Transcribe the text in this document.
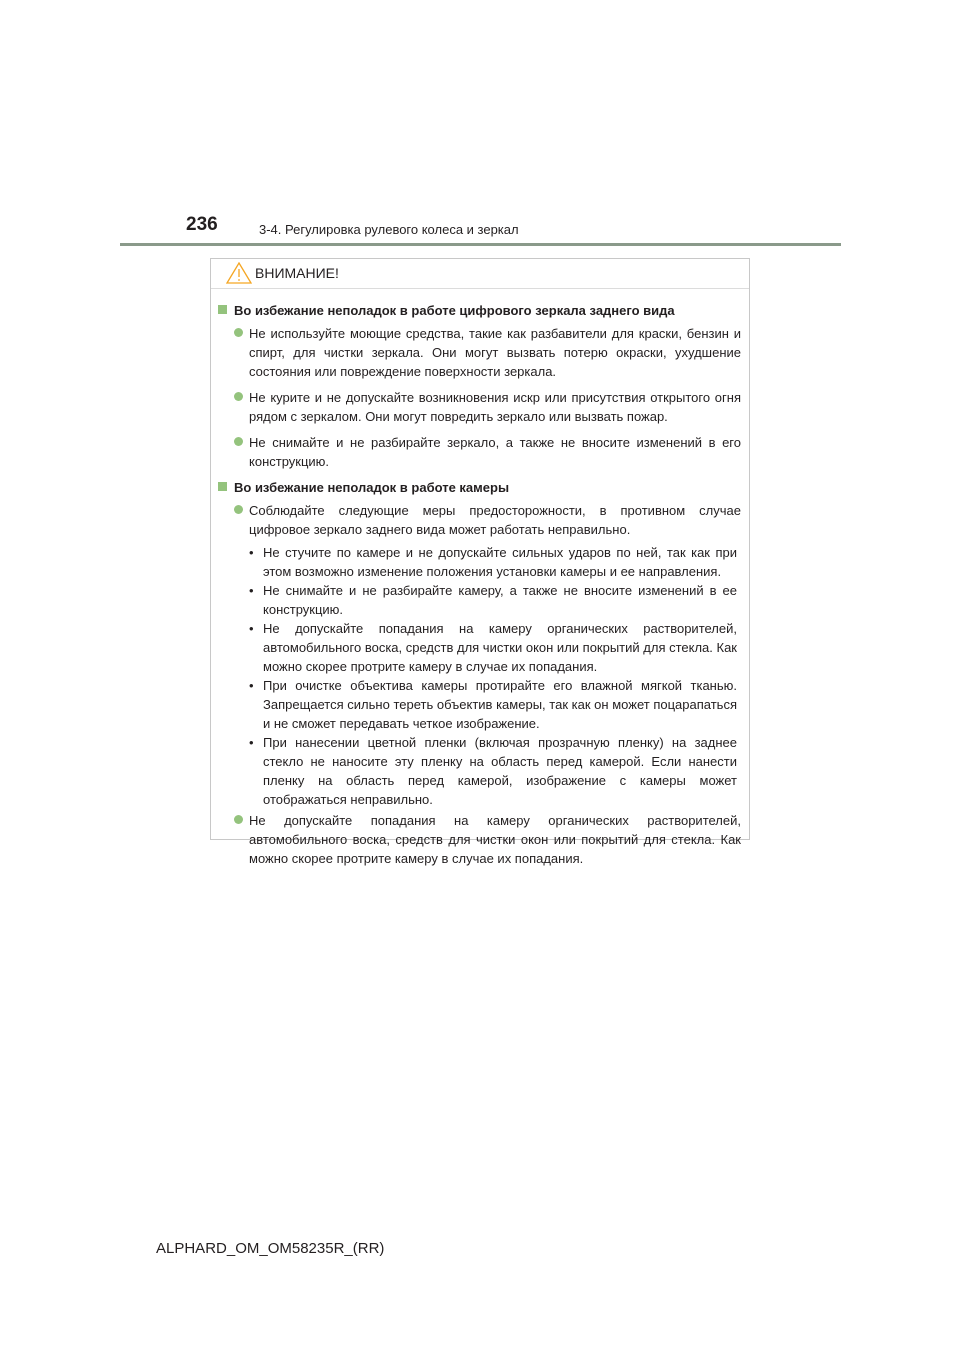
236	3-4. Регулировка рулевого колеса и зеркал
ВНИМАНИЕ!
Во избежание неполадок в работе цифрового зеркала заднего вида
Не используйте моющие средства, такие как разбавители для краски, бензин и спирт, для чистки зеркала. Они могут вызвать потерю окраски, ухудшение состояния или повреждение поверхности зеркала.
Не курите и не допускайте возникновения искр или присутствия открытого огня рядом с зеркалом. Они могут повредить зеркало или вызвать пожар.
Не снимайте и не разбирайте зеркало, а также не вносите изменений в его конструкцию.
Во избежание неполадок в работе камеры
Соблюдайте следующие меры предосторожности, в противном случае цифровое зеркало заднего вида может работать неправильно.
• Не стучите по камере и не допускайте сильных ударов по ней, так как при этом возможно изменение положения установки камеры и ее направления.
• Не снимайте и не разбирайте камеру, а также не вносите изменений в ее конструкцию.
• Не допускайте попадания на камеру органических растворителей, автомобильного воска, средств для чистки окон или покрытий для стекла. Как можно скорее протрите камеру в случае их попадания.
• При очистке объектива камеры протирайте его влажной мягкой тканью. Запрещается сильно тереть объектив камеры, так как он может поцарапаться и не сможет передавать четкое изображение.
• При нанесении цветной пленки (включая прозрачную пленку) на заднее стекло не наносите эту пленку на область перед камерой. Если нанести пленку на область перед камерой, изображение с камеры может отображаться неправильно.
Не допускайте попадания на камеру органических растворителей, автомобильного воска, средств для чистки окон или покрытий для стекла. Как можно скорее протрите камеру в случае их попадания.
ALPHARD_OM_OM58235R_(RR)
